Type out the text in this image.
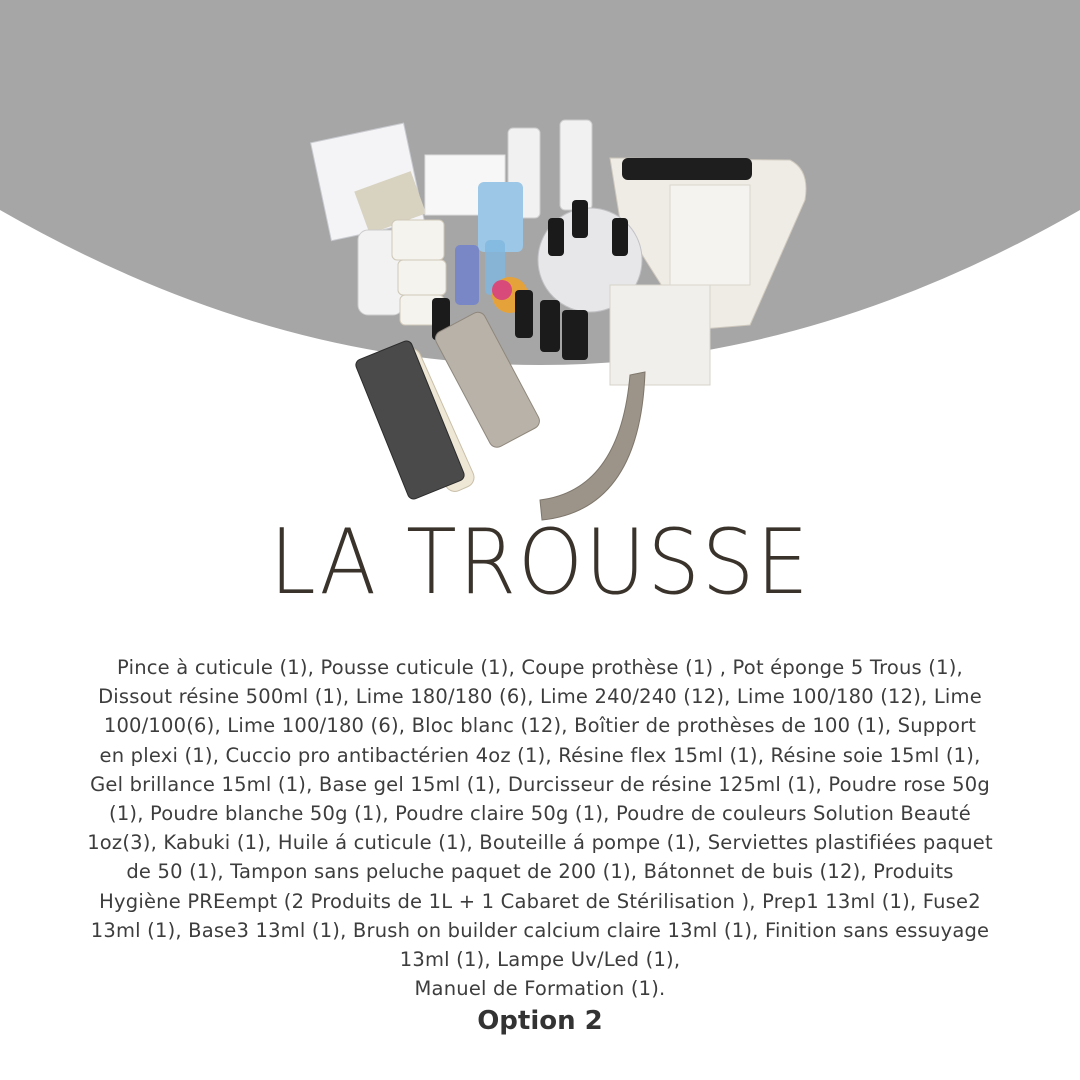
LA TROUSSE
Pince à cuticule (1), Pousse cuticule (1), Coupe prothèse (1) , Pot éponge 5 Trous (1),
Dissout résine 500ml (1), Lime 180/180 (6), Lime 240/240 (12), Lime 100/180 (12), Lime
100/100(6), Lime 100/180 (6), Bloc blanc (12), Boîtier de prothèses de 100 (1), Support
en plexi (1), Cuccio pro antibactérien 4oz (1), Résine flex 15ml (1), Résine soie 15ml (1),
Gel brillance 15ml (1), Base gel 15ml (1), Durcisseur de résine 125ml (1), Poudre rose 50g
(1), Poudre blanche 50g (1), Poudre claire 50g (1), Poudre de couleurs Solution Beauté
1oz(3), Kabuki (1), Huile á cuticule (1), Bouteille á pompe (1), Serviettes plastifiées paquet
de 50 (1), Tampon sans peluche paquet de 200 (1), Bátonnet de buis (12), Produits
Hygiène PREempt (2 Produits de 1L + 1 Cabaret de Stérilisation ), Prep1 13ml (1), Fuse2
13ml (1), Base3 13ml (1), Brush on builder calcium claire 13ml (1), Finition sans essuyage
13ml (1), Lampe Uv/Led (1),
Manuel de Formation (1).
Option 2
